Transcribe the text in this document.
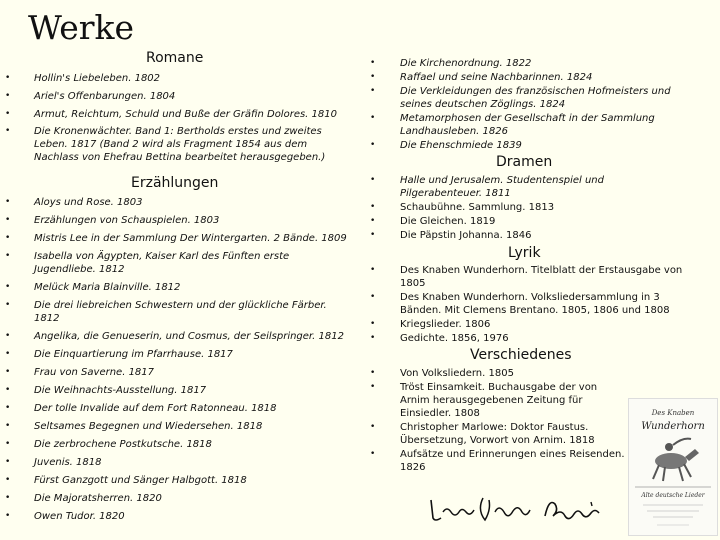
Werke
Romane
• Hollin's Liebeleben. 1802
• Ariel's Offenbarungen. 1804
• Armut, Reichtum, Schuld und Buße der Gräfin Dolores. 1810
• Die Kronenwächter. Band 1: Bertholds erstes und zweites Leben. 1817 (Band 2 wird als Fragment 1854 aus dem Nachlass von Ehefrau Bettina bearbeitet herausgegeben.)
Erzählungen
• Aloys und Rose. 1803
• Erzählungen von Schauspielen. 1803
• Mistris Lee in der Sammlung Der Wintergarten. 2 Bände. 1809
• Isabella von Ägypten, Kaiser Karl des Fünften erste Jugendliebe. 1812
• Melück Maria Blainville. 1812
• Die drei liebreichen Schwestern und der glückliche Färber. 1812
• Angelika, die Genueserin, und Cosmus, der Seilspringer. 1812
• Die Einquartierung im Pfarrhause. 1817
• Frau von Saverne. 1817
• Die Weihnachts-Ausstellung. 1817
• Der tolle Invalide auf dem Fort Ratonneau. 1818
• Seltsames Begegnen und Wiedersehen. 1818
• Die zerbrochene Postkutsche. 1818
• Juvenis. 1818
• Fürst Ganzgott und Sänger Halbgott. 1818
• Die Majoratsherren. 1820
• Owen Tudor. 1820
• Die Kirchenordnung. 1822
• Raffael und seine Nachbarinnen. 1824
• Die Verkleidungen des französischen Hofmeisters und seines deutschen Zöglings. 1824
• Metamorphosen der Gesellschaft in der Sammlung Landhausleben. 1826
• Die Ehenschmiede 1839
Dramen
• Halle und Jerusalem. Studentenspiel und Pilgerabenteuer. 1811
• Schaubühne. Sammlung. 1813
• Die Gleichen. 1819
• Die Päpstin Johanna. 1846
Lyrik
• Des Knaben Wunderhorn. Titelblatt der Erstausgabe von 1805
• Des Knaben Wunderhorn. Volksliedersammlung in 3 Bänden. Mit Clemens Brentano. 1805, 1806 und 1808
• Kriegslieder. 1806
• Gedichte. 1856, 1976
Verschiedenes
• Von Volksliedern. 1805
• Tröst Einsamkeit. Buchausgabe der von Arnim herausgegebenen Zeitung für Einsiedler. 1808
• Christopher Marlowe: Doktor Faustus. Übersetzung, Vorwort von Arnim. 1818
• Aufsätze und Erinnerungen eines Reisenden. 1826
Des Knaben
Wunderhorn
Alte deutsche Lieder
